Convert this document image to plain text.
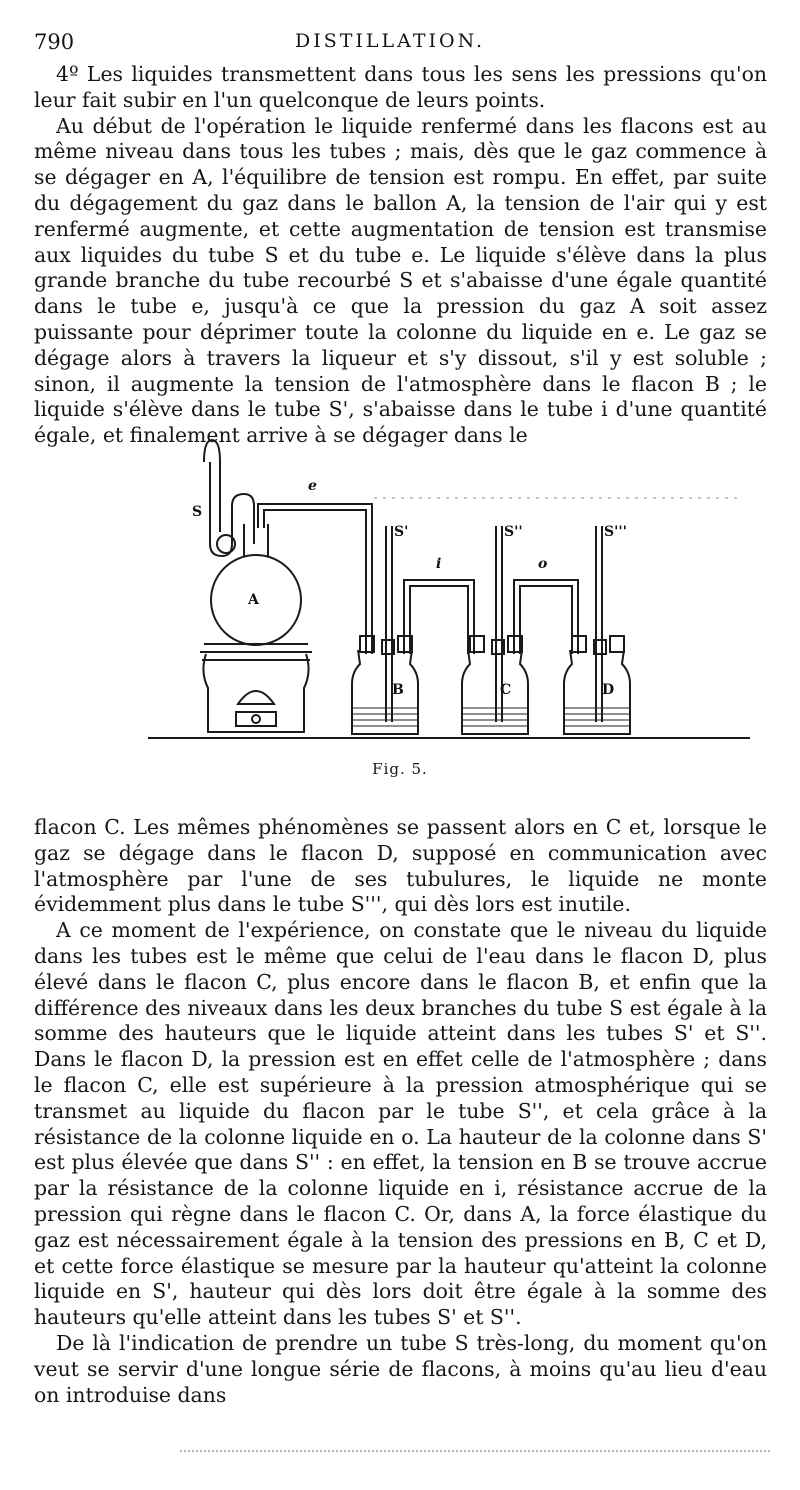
790	DISTILLATION.

4º Les liquides transmettent dans tous les sens les pressions qu'on leur fait subir en l'un quelconque de leurs points.

Au début de l'opération le liquide renfermé dans les flacons est au même niveau dans tous les tubes ; mais, dès que le gaz commence à se dégager en A, l'équilibre de tension est rompu. En effet, par suite du dégagement du gaz dans le ballon A, la tension de l'air qui y est renfermé augmente, et cette augmentation de tension est transmise aux liquides du tube S et du tube e. Le liquide s'élève dans la plus grande branche du tube recourbé S et s'abaisse d'une égale quantité dans le tube e, jusqu'à ce que la pression du gaz A soit assez puissante pour déprimer toute la colonne du liquide en e. Le gaz se dégage alors à travers la liqueur et s'y dissout, s'il y est soluble ; sinon, il augmente la tension de l'atmosphère dans le flacon B ; le liquide s'élève dans le tube S', s'abaisse dans le tube i d'une quantité égale, et finalement arrive à se dégager dans le

S
A
e
S'
i
S''
o
S'''
B	C	D
Fig. 5.

flacon C. Les mêmes phénomènes se passent alors en C et, lorsque le gaz se dégage dans le flacon D, supposé en communication avec l'atmosphère par l'une de ses tubulures, le liquide ne monte évidemment plus dans le tube S''', qui dès lors est inutile.

A ce moment de l'expérience, on constate que le niveau du liquide dans les tubes est le même que celui de l'eau dans le flacon D, plus élevé dans le flacon C, plus encore dans le flacon B, et enfin que la différence des niveaux dans les deux branches du tube S est égale à la somme des hauteurs que le liquide atteint dans les tubes S' et S''. Dans le flacon D, la pression est en effet celle de l'atmosphère ; dans le flacon C, elle est supérieure à la pression atmosphérique qui se transmet au liquide du flacon par le tube S'', et cela grâce à la résistance de la colonne liquide en o. La hauteur de la colonne dans S' est plus élevée que dans S'' : en effet, la tension en B se trouve accrue par la résistance de la colonne liquide en i, résistance accrue de la pression qui règne dans le flacon C. Or, dans A, la force élastique du gaz est nécessairement égale à la tension des pressions en B, C et D, et cette force élastique se mesure par la hauteur qu'atteint la colonne liquide en S', hauteur qui dès lors doit être égale à la somme des hauteurs qu'elle atteint dans les tubes S' et S''.

De là l'indication de prendre un tube S très-long, du moment qu'on veut se servir d'une longue série de flacons, à moins qu'au lieu d'eau on introduise dans
